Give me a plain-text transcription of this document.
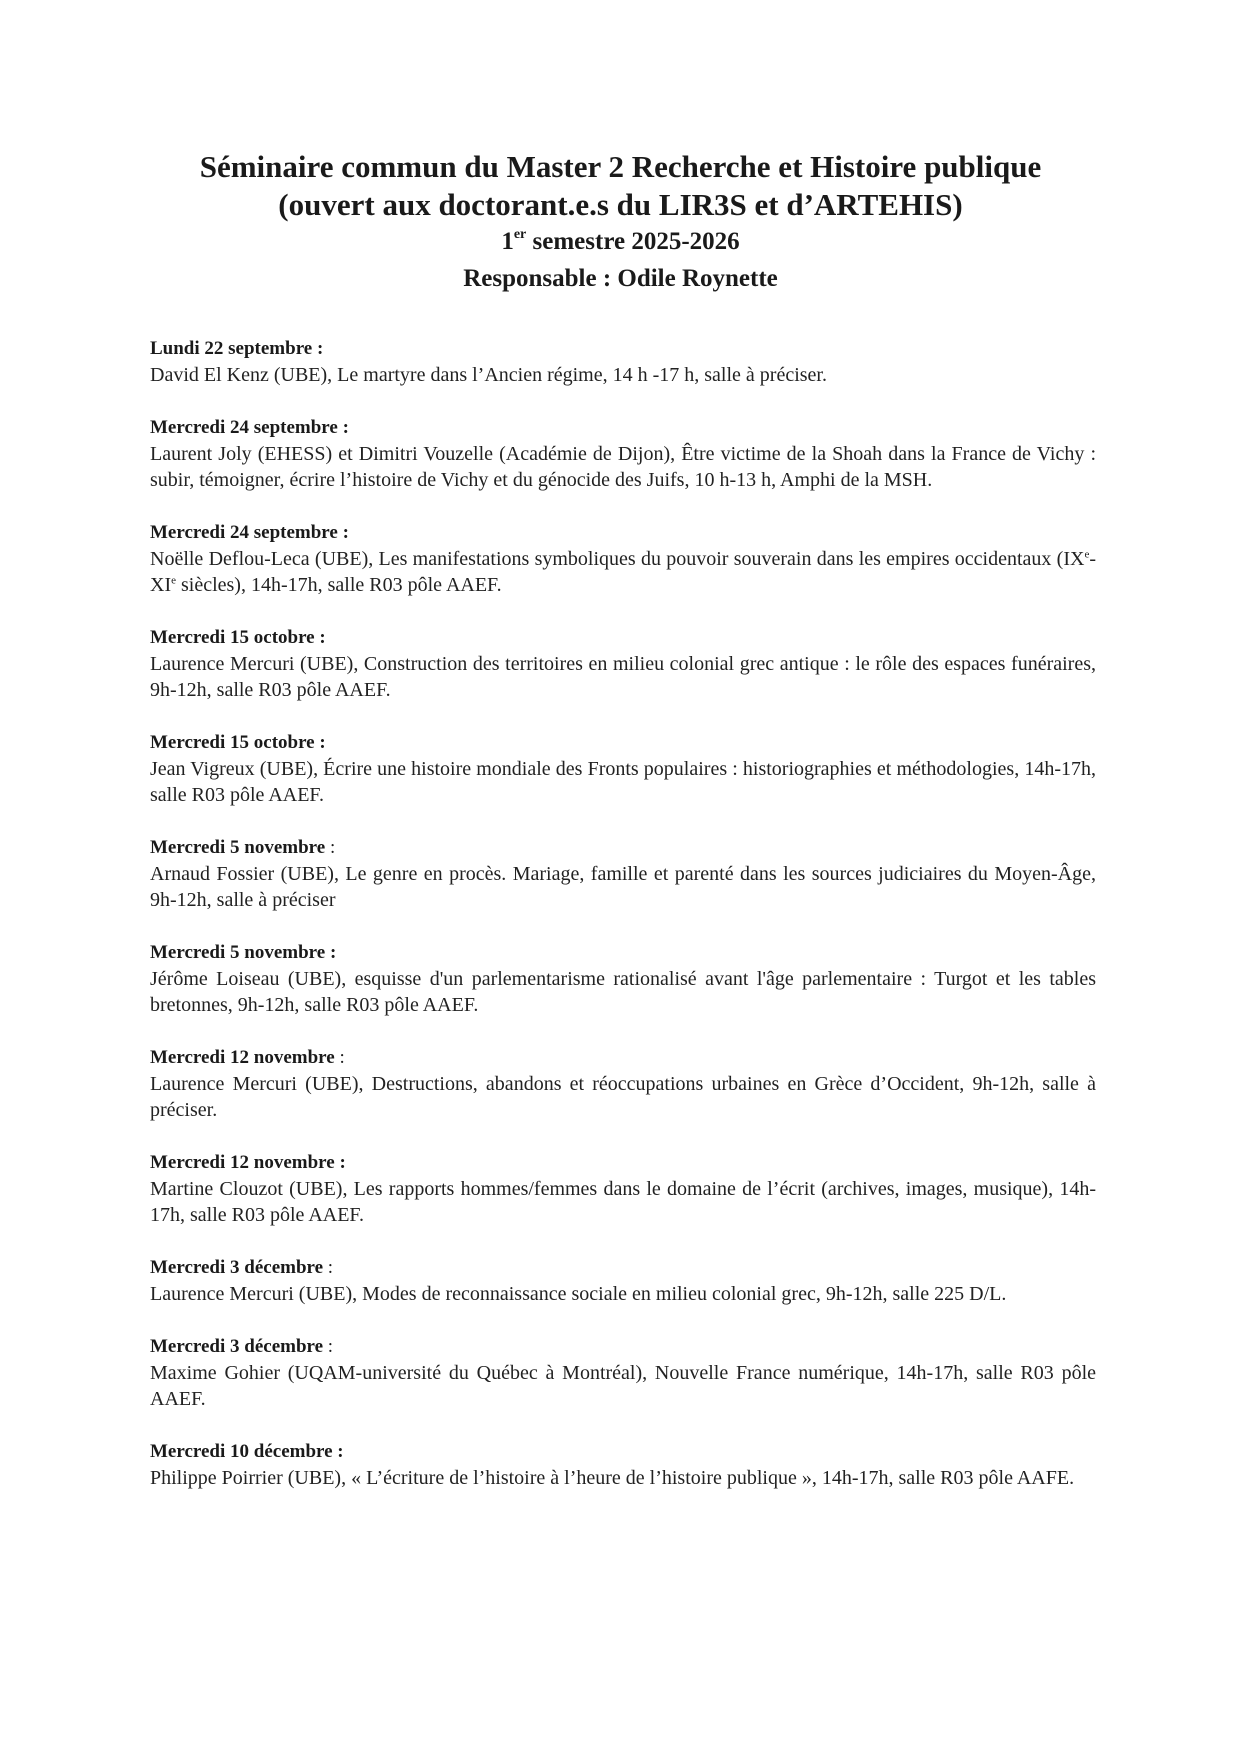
Séminaire commun du Master 2 Recherche et Histoire publique
(ouvert aux doctorant.e.s du LIR3S et d’ARTEHIS)
1er semestre 2025-2026
Responsable : Odile Roynette
Lundi 22 septembre :
David El Kenz (UBE), Le martyre dans l’Ancien régime, 14 h -17 h, salle à préciser.
Mercredi 24 septembre :
Laurent Joly (EHESS) et Dimitri Vouzelle (Académie de Dijon), Être victime de la Shoah dans la France de Vichy : subir, témoigner, écrire l’histoire de Vichy et du génocide des Juifs, 10 h-13 h, Amphi de la MSH.
Mercredi 24 septembre :
Noëlle Deflou-Leca (UBE), Les manifestations symboliques du pouvoir souverain dans les empires occidentaux (IXe-XIe siècles), 14h-17h, salle R03 pôle AAEF.
Mercredi 15 octobre :
Laurence Mercuri (UBE), Construction des territoires en milieu colonial grec antique : le rôle des espaces funéraires, 9h-12h, salle R03 pôle AAEF.
Mercredi 15 octobre :
Jean Vigreux (UBE), Écrire une histoire mondiale des Fronts populaires : historiographies et méthodologies, 14h-17h, salle R03 pôle AAEF.
Mercredi 5 novembre :
Arnaud Fossier (UBE), Le genre en procès. Mariage, famille et parenté dans les sources judiciaires du Moyen-Âge, 9h-12h, salle à préciser
Mercredi 5 novembre :
Jérôme Loiseau (UBE), esquisse d'un parlementarisme rationalisé avant l'âge parlementaire : Turgot et les tables bretonnes, 9h-12h, salle R03 pôle AAEF.
Mercredi 12 novembre :
Laurence Mercuri (UBE), Destructions, abandons et réoccupations urbaines en Grèce d’Occident, 9h-12h, salle à préciser.
Mercredi 12 novembre :
Martine Clouzot (UBE), Les rapports hommes/femmes dans le domaine de l’écrit (archives, images, musique), 14h-17h, salle R03 pôle AAEF.
Mercredi 3 décembre :
Laurence Mercuri (UBE), Modes de reconnaissance sociale en milieu colonial grec, 9h-12h, salle 225 D/L.
Mercredi 3 décembre :
Maxime Gohier (UQAM-université du Québec à Montréal), Nouvelle France numérique, 14h-17h, salle R03 pôle AAEF.
Mercredi 10 décembre :
Philippe Poirrier (UBE), « L’écriture de l’histoire à l’heure de l’histoire publique », 14h-17h, salle R03 pôle AAFE.
